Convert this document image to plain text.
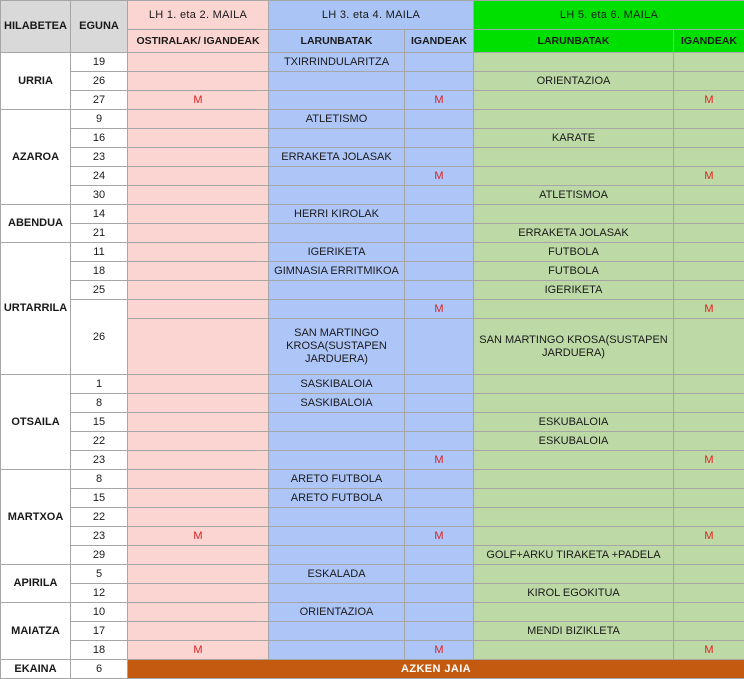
HILABETEA	EGUNA	LH 1. eta 2. MAILA	LH 3. eta 4. MAILA		LH 5. eta 6. MAILA	
		OSTIRALAK/ IGANDEAK	LARUNBATAK	IGANDEAK	LARUNBATAK	IGANDEAK
URRIA	19		TXIRRINDULARITZA			
	26				ORIENTAZIOA	
	27	M		M		M
AZAROA	9		ATLETISMO			
	16				KARATE	
	23		ERRAKETA JOLASAK			
	24			M		M
	30				ATLETISMOA	
ABENDUA	14		HERRI KIROLAK			
	21				ERRAKETA JOLASAK	
URTARRILA	11		IGERIKETA		FUTBOLA	
	18		GIMNASIA ERRITMIKOA		FUTBOLA	
	25				IGERIKETA	
	26			M		M
			SAN MARTINGO KROSA(SUSTAPEN JARDUERA)		SAN MARTINGO KROSA(SUSTAPEN JARDUERA)	
OTSAILA	1		SASKIBALOIA			
	8		SASKIBALOIA			
	15				ESKUBALOIA	
	22				ESKUBALOIA	
	23			M		M
MARTXOA	8		ARETO FUTBOLA			
	15		ARETO FUTBOLA			
	22					
	23	M		M		M
	29				GOLF+ARKU TIRAKETA +PADELA	
APIRILA	5		ESKALADA			
	12				KIROL EGOKITUA	
MAIATZA	10		ORIENTAZIOA			
	17				MENDI BIZIKLETA	
	18	M		M		M
EKAINA	6	AZKEN JAIA				
